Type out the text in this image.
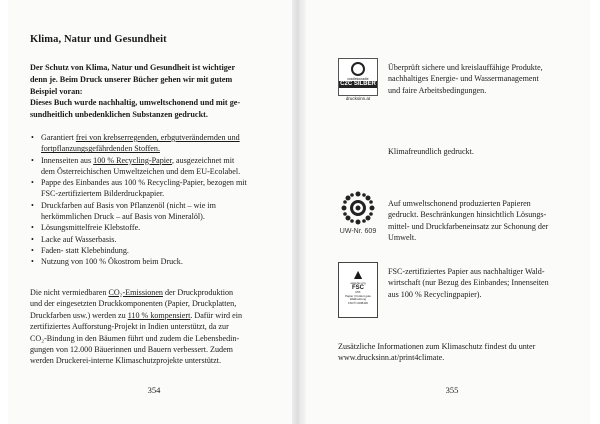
Klima, Natur und Gesundheit

Der Schutz von Klima, Natur und Gesundheit ist wichtiger

denn je. Beim Druck unserer Bücher gehen wir mit gutem

Beispiel voran:

Dieses Buch wurde nachhaltig, umweltschonend und mit ge-

sundheitlich unbedenklichen Substanzen gedruckt.

• Garantiert frei von krebserregenden, erbgutverändernden und
fortpflanzungsgefährdenden Stoffen.
• Innenseiten aus 100 % Recycling-Papier, ausgezeichnet mit
dem Österreichischen Umweltzeichen und dem EU-Ecolabel.
• Pappe des Einbandes aus 100 % Recycling-Papier, bezogen mit
FSC-zertifiziertem Bilderdruckpapier.
• Druckfarben auf Basis von Pflanzenöl (nicht – wie im
herkömmlichen Druck – auf Basis von Mineralöl).
• Lösungsmittelfreie Klebstoffe.
• Lacke auf Wasserbasis.
• Faden- statt Klebebindung.
• Nutzung von 100 % Ökostrom beim Druck.

Die nicht vermiedbaren CO₂-Emissionen der Druckproduktion

und der eingesetzten Druckkomponenten (Papier, Druckplatten,

Druckfarben usw.) werden zu 110 % kompensiert. Dafür wird ein

zertifiziertes Aufforstung-Projekt in Indien unterstützt, da zur

CO₂-Bindung in den Bäumen führt und zudem die Lebensbedin-

gungen von 12.000 Bäuerinnen und Bauern verbessert. Zudem

werden Druckerei-interne Klimaschutzprojekte unterstützt.

354
cradletocradle
C2C SILBER
drucksinn.at
Überprüft sichere und kreislauffähige Produkte,
nachhaltiges Energie- und Wassermanagement
und faire Arbeitsbedingungen.
Klimafreundlich gedruckt.
UW-Nr. 609
Auf umweltschonend produzierten Papieren
gedruckt. Beschränkungen hinsichtlich Lösungs-
mittel- und Druckfarbeneinsatz zur Schonung der
Umwelt.
▲
www.fsc.org
FSC
MIX
Papier | Fördert gute Waldnutzung
FSC® C008106
FSC-zertifiziertes Papier aus nachhaltiger Wald-
wirtschaft (nur Bezug des Einbandes; Innenseiten
aus 100 % Recyclingpapier).
Zusätzliche Informationen zum Klimaschutz findest du unter
www.drucksinn.at/print4climate.
355
